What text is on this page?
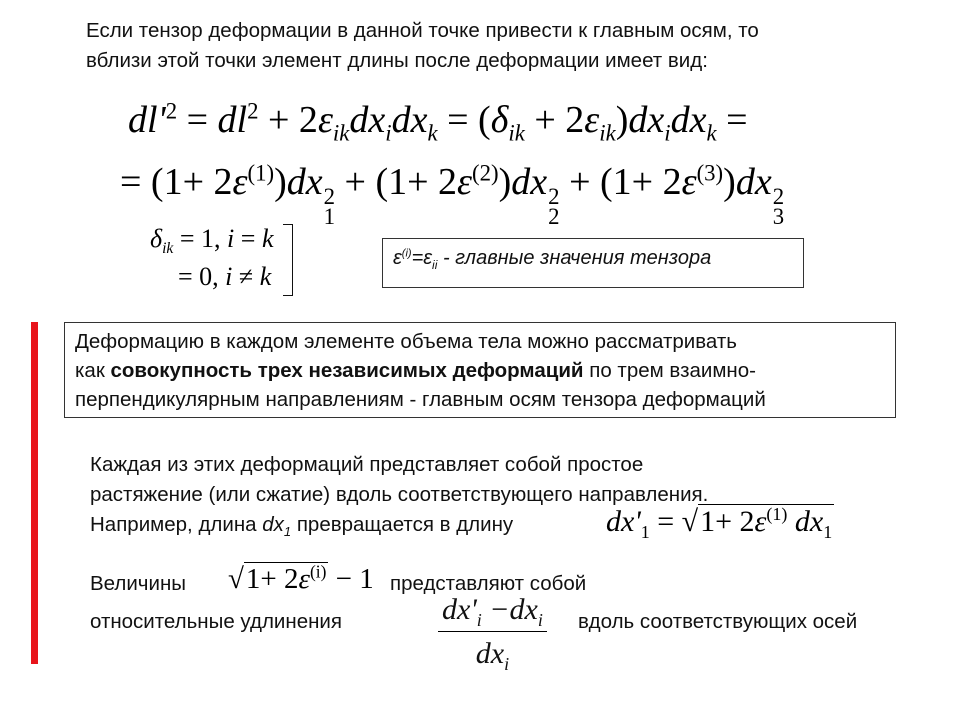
Если тензор деформации в данной точке привести к главным осям, то
вблизи этой точки элемент длины после деформации имеет вид:
$dl'^2 = dl^2 + 2\varepsilon_{ik}dx_idx_k = (\delta_{ik} + 2\varepsilon_{ik})dx_idx_k$ =
= $(1+ 2\varepsilon^{(1)})dx$ 2
1
+ $(1+ 2\varepsilon^{(2)})dx$ 2
2
+ $(1+ 2\varepsilon^{(3)})dx$ 2
3
$\delta_{ik} = 1$, i = k
= 0, i ≠ k
$\varepsilon^{(i)}=\varepsilon_{ii}$ - главные значения тензора
Деформацию в каждом элементе объема тела можно рассматривать
как совокупность трех независимых деформаций по трем взаимно-
перпендикулярным направлениям - главным осям тензора деформаций
Каждая из этих деформаций представляет собой простое
растяжение (или сжатие) вдоль соответствующего направления.
Например, длина $dx_1$ превращается в длину	$dx'_1 = √1+ 2\varepsilon^{(1)}$ $dx_1$
Величины $√1+ 2\varepsilon^{(i)} - 1$ представляют собой
относительные удлинения	$dx'_i -dx_i$
$dx_i$
вдоль соответствующих осей
